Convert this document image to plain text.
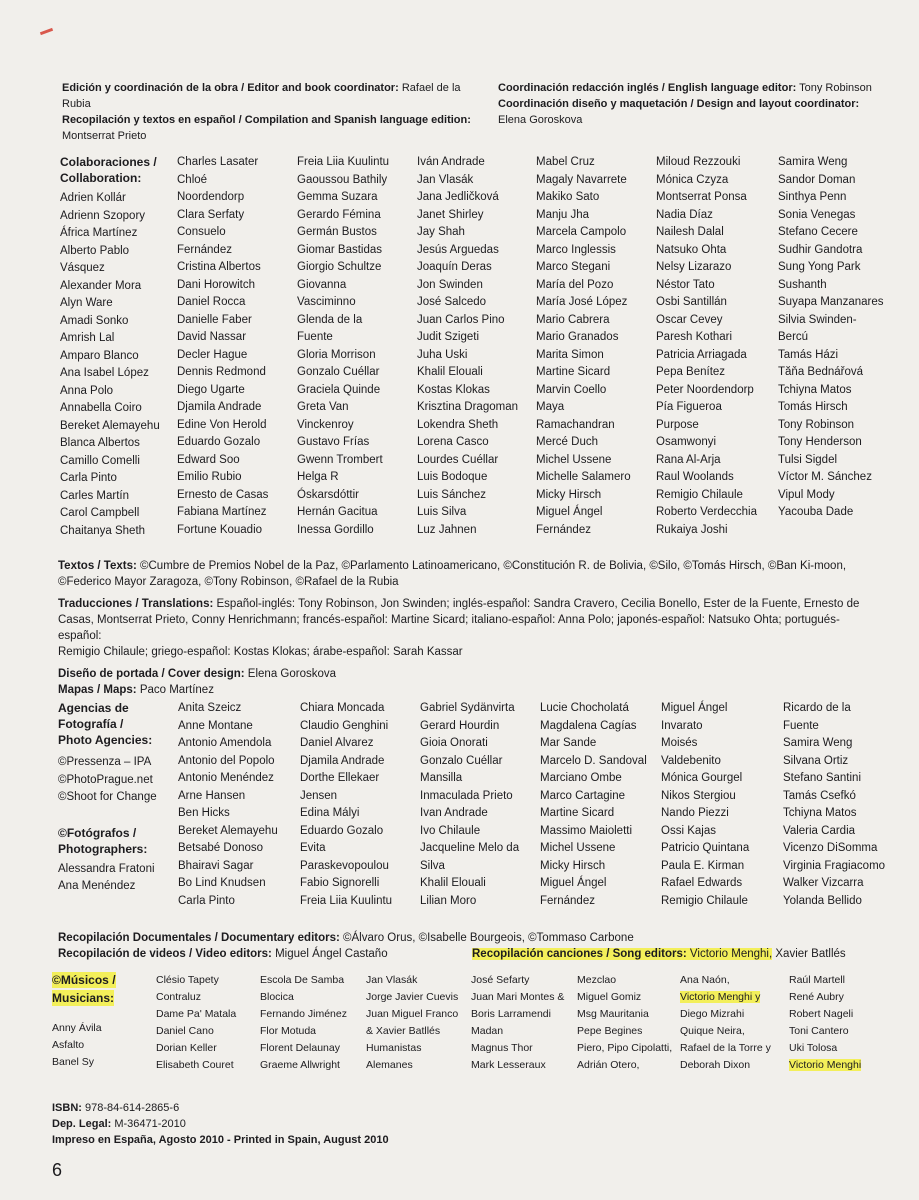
Edición y coordinación de la obra / Editor and book coordinator: Rafael de la Rubia
Recopilación y textos en español / Compilation and Spanish language edition:
Montserrat Prieto
Coordinación redacción inglés / English language editor: Tony Robinson
Coordinación diseño y maquetación / Design and layout coordinator:
Elena Goroskova
Colaboraciones /
Collaboration:
Adrien Kollár
Adrienn Szopory
África Martínez
Alberto Pablo
Vásquez
Alexander Mora
Alyn Ware
Amadi Sonko
Amrish Lal
Amparo Blanco
Ana Isabel López
Anna Polo
Annabella Coiro
Bereket Alemayehu
Blanca Albertos
Camillo Comelli
Carla Pinto
Carles Martín
Carol Campbell
Chaitanya Sheth
Charles Lasater
Chloé
Noordendorp
Clara Serfaty
Consuelo
Fernández
Cristina Albertos
Dani Horowitch
Daniel Rocca
Danielle Faber
David Nassar
Decler Hague
Dennis Redmond
Diego Ugarte
Djamila Andrade
Edine Von Herold
Eduardo Gozalo
Edward Soo
Emilio Rubio
Ernesto de Casas
Fabiana Martínez
Fortune Kouadio
Freia Liia Kuulintu
Gaoussou Bathily
Gemma Suzara
Gerardo Fémina
Germán Bustos
Giomar Bastidas
Giorgio Schultze
Giovanna
Vasciminno
Glenda de la
Fuente
Gloria Morrison
Gonzalo Cuéllar
Graciela Quinde
Greta Van
Vinckenroy
Gustavo Frías
Gwenn Trombert
Helga R
Óskarsdóttir
Hernán Gacitua
Inessa Gordillo
Iván Andrade
Jan Vlasák
Jana Jedličková
Janet Shirley
Jay Shah
Jesús Arguedas
Joaquín Deras
Jon Swinden
José Salcedo
Juan Carlos Pino
Judit Szigeti
Juha Uski
Khalil Elouali
Kostas Klokas
Krisztina Dragoman
Lokendra Sheth
Lorena Casco
Lourdes Cuéllar
Luis Bodoque
Luis Sánchez
Luis Silva
Luz Jahnen
Mabel Cruz
Magaly Navarrete
Makiko Sato
Manju Jha
Marcela Campolo
Marco Inglessis
Marco Stegani
María del Pozo
María José López
Mario Cabrera
Mario Granados
Marita Simon
Martine Sicard
Marvin Coello
Maya
Ramachandran
Mercé Duch
Michel Ussene
Michelle Salamero
Micky Hirsch
Miguel Ángel
Fernández
Miloud Rezzouki
Mónica Czyza
Montserrat Ponsa
Nadia Díaz
Nailesh Dalal
Natsuko Ohta
Nelsy Lizarazo
Néstor Tato
Osbi Santillán
Oscar Cevey
Paresh Kothari
Patricia Arriagada
Pepa Benítez
Peter Noordendorp
Pía Figueroa
Purpose
Osamwonyi
Rana Al-Arja
Raul Woolands
Remigio Chilaule
Roberto Verdecchia
Rukaiya Joshi
Samira Weng
Sandor Doman
Sinthya Penn
Sonia Venegas
Stefano Cecere
Sudhir Gandotra
Sung Yong Park
Sushanth
Suyapa Manzanares
Silvia Swinden-
Bercú
Tamás Házi
Tăňa Bednářová
Tchiyna Matos
Tomás Hirsch
Tony Robinson
Tony Henderson
Tulsi Sigdel
Víctor M. Sánchez
Vipul Mody
Yacouba Dade
Textos / Texts: ©Cumbre de Premios Nobel de la Paz, ©Parlamento Latinoamericano, ©Constitución R. de Bolivia, ©Silo, ©Tomás Hirsch, ©Ban Ki-moon,
©Federico Mayor Zaragoza, ©Tony Robinson, ©Rafael de la Rubia
Traducciones / Translations: Español-inglés: Tony Robinson, Jon Swinden; inglés-español: Sandra Cravero, Cecilia Bonello, Ester de la Fuente, Ernesto de
Casas, Montserrat Prieto, Conny Henrichmann; francés-español: Martine Sicard; italiano-español: Anna Polo; japonés-español: Natsuko Ohta; portugués-español:
Remigio Chilaule; griego-español: Kostas Klokas; árabe-español: Sarah Kassar
Diseño de portada / Cover design: Elena Goroskova
Mapas / Maps: Paco Martínez
Agencias de
Fotografía /
Photo Agencies:
©Pressenza – IPA
©PhotoPrague.net
©Shoot for Change
©Fotógrafos /
Photographers:
Alessandra Fratoni
Ana Menéndez
Anita Szeicz
Anne Montane
Antonio Amendola
Antonio del Popolo
Antonio Menéndez
Arne Hansen
Ben Hicks
Bereket Alemayehu
Betsabé Donoso
Bhairavi Sagar
Bo Lind Knudsen
Carla Pinto
Chiara Moncada
Claudio Genghini
Daniel Alvarez
Djamila Andrade
Dorthe Ellekaer
Jensen
Edina Mályi
Eduardo Gozalo
Evita
Paraskevopoulou
Fabio Signorelli
Freia Liia Kuulintu
Gabriel Sydänvirta
Gerard Hourdin
Gioia Onorati
Gonzalo Cuéllar
Mansilla
Inmaculada Prieto
Ivan Andrade
Ivo Chilaule
Jacqueline Melo da
Silva
Khalil Elouali
Lilian Moro
Lucie Chocholatá
Magdalena Cagías
Mar Sande
Marcelo D. Sandoval
Marciano Ombe
Marco Cartagine
Martine Sicard
Massimo Maioletti
Michel Ussene
Micky Hirsch
Miguel Ángel
Fernández
Miguel Ángel
Invarato
Moisés
Valdebenito
Mónica Gourgel
Nikos Stergiou
Nando Piezzi
Ossi Kajas
Patricio Quintana
Paula E. Kirman
Rafael Edwards
Remigio Chilaule
Ricardo de la
Fuente
Samira Weng
Silvana Ortiz
Stefano Santini
Tamás Csefkó
Tchiyna Matos
Valeria Cardia
Vicenzo DiSomma
Virginia Fragiacomo
Walker Vizcarra
Yolanda Bellido
Recopilación Documentales / Documentary editors: ©Álvaro Orus, ©Isabelle Bourgeois, ©Tommaso Carbone
Recopilación de videos / Video editors: Miguel Ángel Castaño	Recopilación canciones / Song editors: Victorio Menghi, Xavier Batllés
©Músicos /
Musicians:
Anny Ávila
Asfalto
Banel Sy
Clésio Tapety
Contraluz
Dame Pa' Matala
Daniel Cano
Dorian Keller
Elisabeth Couret
Escola De Samba
Blocica
Fernando Jiménez
Flor Motuda
Florent Delaunay
Graeme Allwright
Jan Vlasák
Jorge Javier Cuevis
Juan Miguel Franco
& Xavier Batllés
Humanistas
Alemanes
José Sefarty
Juan Mari Montes &
Boris Larramendi
Madan
Magnus Thor
Mark Lesseraux
Mezclao
Miguel Gomiz
Msg Mauritania
Pepe Begines
Piero, Pipo Cipolatti,
Adrián Otero,
Ana Naón,
Victorio Menghi y
Diego Mizrahi
Quique Neira,
Rafael de la Torre y
Deborah Dixon
Raúl Martell
René Aubry
Robert Nageli
Toni Cantero
Uki Tolosa
Victorio Menghi
ISBN: 978-84-614-2865-6
Dep. Legal: M-36471-2010
Impreso en España, Agosto 2010 - Printed in Spain, August 2010
6
